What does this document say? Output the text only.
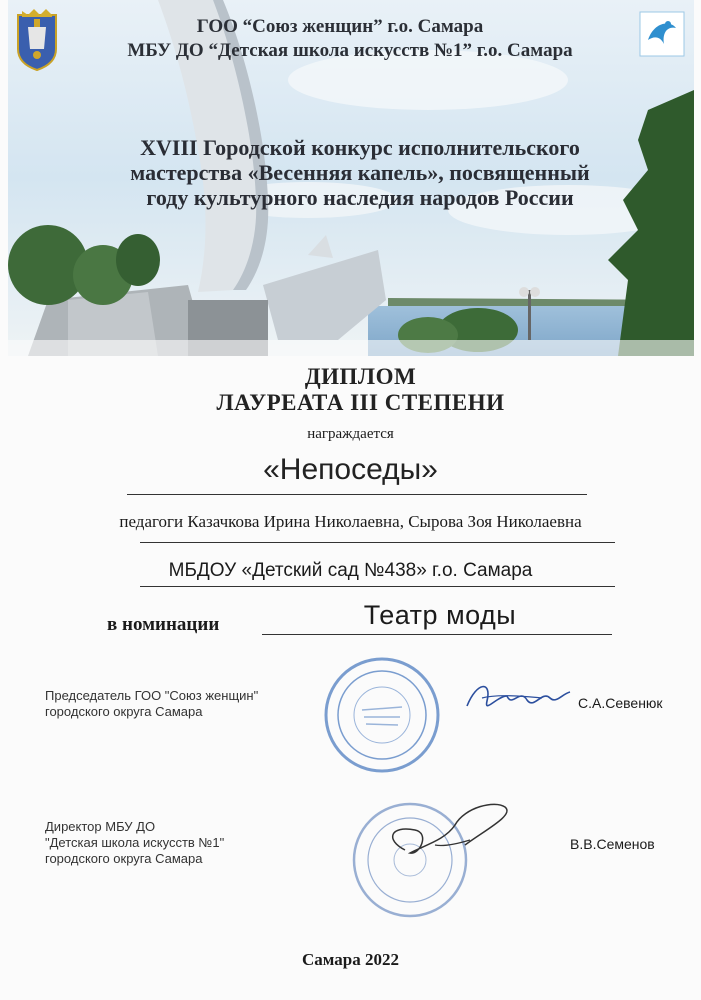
ГОО “Союз женщин” г.о. Самара
МБУ ДО “Детская школа искусств №1” г.о. Самара
XVIII Городской конкурс исполнительского
мастерства «Весенняя капель», посвященный
году культурного наследия народов России
ДИПЛОМ
ЛАУРЕАТА III СТЕПЕНИ
награждается
«Непоседы»
педагоги Казачкова Ирина Николаевна, Сырова Зоя Николаевна
МБДОУ «Детский сад №438» г.о. Самара
в номинации	Театр моды
Председатель ГОО "Союз женщин"
городского округа Самара
С.А.Севенюк
Директор МБУ ДО
"Детская школа искусств №1"
городского округа Самара
В.В.Семенов
Самара 2022
